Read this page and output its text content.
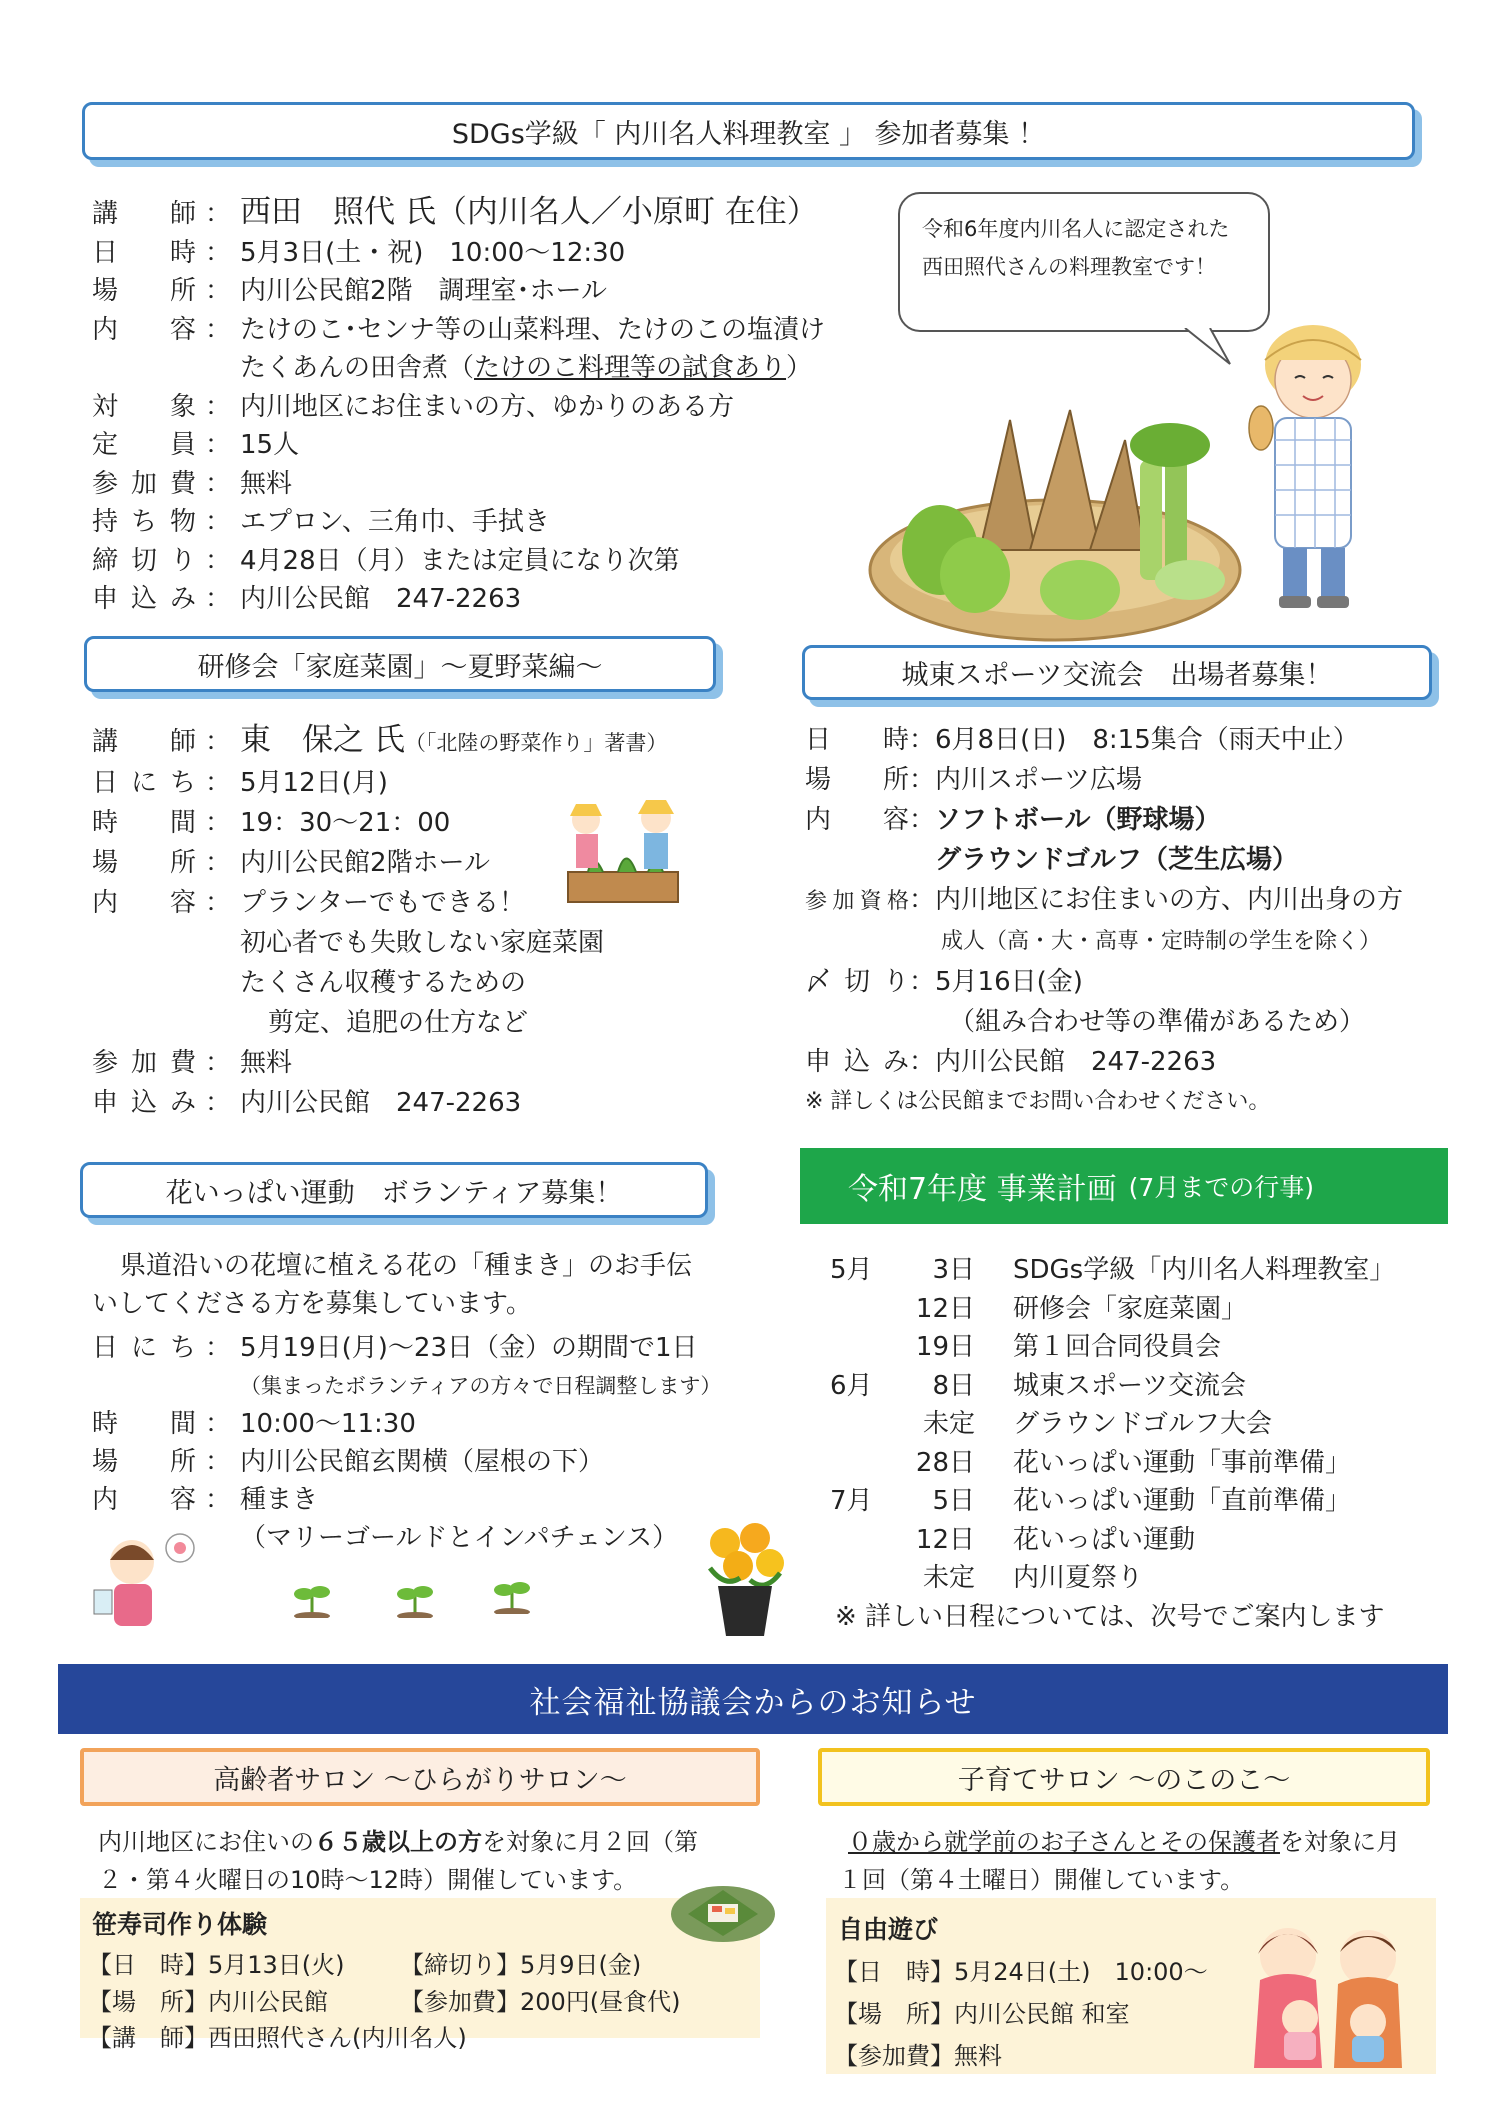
SDGs学級「 内川名人料理教室 」 参加者募集 ！
講　師 ： 西田　照代 氏（内川名人／小原町 在住）
日　時 ： 5月3日(土・祝)　10:00～12:30
場　所 ： 内川公民館2階　調理室･ホール
内　容 ： たけのこ･センナ等の山菜料理、たけのこの塩漬け
たくあんの田舎煮（ たけのこ料理等の試食あり ）
対　象 ： 内川地区にお住まいの方、ゆかりのある方
定　員 ： 15人
参加費 ： 無料
持ち物 ： エプロン、三角巾、手拭き
締切り ： 4月28日（月）または定員になり次第
申込み ： 内川公民館　247-2263
令和6年度内川名人に認定された西田照代さんの料理教室です！
研修会「家庭菜園」～夏野菜編～
講　師 ： 東　保之 氏 （「北陸の野菜作り」著書）
日にち ： 5月12日(月)
時　間 ： 19：30～21：00
場　所 ： 内川公民館2階ホール
内　容 ： プランターでもできる！
初心者でも失敗しない家庭菜園
たくさん収穫するための
剪定、追肥の仕方など
参加費 ： 無料
申込み ： 内川公民館　247-2263
城東スポーツ交流会　出場者募集！
日　時 ： 6月8日(日)　8:15集合（雨天中止）
場　所 ： 内川スポーツ広場
内　容 ： ソフトボール（野球場）
グラウンドゴルフ（芝生広場）
参加資格 ： 内川地区にお住まいの方、内川出身の方
成人（高・大・高専・定時制の学生を除く）
〆切り ： 5月16日(金)
（組み合わせ等の準備があるため）
申込み ： 内川公民館　247-2263
※ 詳しくは公民館までお問い合わせください。
花いっぱい運動　ボランティア募集！
県道沿いの花壇に植える花の「種まき」のお手伝
いしてくださる方を募集しています。
日にち ： 5月19日(月)～23日（金）の期間で1日
（集まったボランティアの方々で日程調整します）
時　間 ： 10:00～11:30
場　所 ： 内川公民館玄関横（屋根の下）
内　容 ： 種まき
（マリーゴールドとインパチェンス）
令和7年度 事業計画 (7月までの行事)
5月	3日 SDGs学級「内川名人料理教室」
12日 研修会「家庭菜園」
19日 第１回合同役員会
6月	8日 城東スポーツ交流会
未定 グラウンドゴルフ大会
28日 花いっぱい運動「事前準備」
7月	5日 花いっぱい運動「直前準備」
12日 花いっぱい運動
未定 内川夏祭り
※ 詳しい日程については、次号でご案内します
社会福祉協議会からのお知らせ
高齢者サロン ～ひらがりサロン～
内川地区にお住いの６５歳以上の方を対象に月２回（第
２・第４火曜日の10時～12時）開催しています。
笹寿司作り体験
【日　時】5月13日(火) 【締切り】5月9日(金)
【場　所】内川公民館	【参加費】200円(昼食代)
【講　師】西田照代さん(内川名人)
子育てサロン ～のこのこ～
０歳から就学前のお子さんとその保護者を対象に月
１回（第４土曜日）開催しています。
自由遊び
【日　時】5月24日(土)　10:00～
【場　所】内川公民館 和室
【参加費】無料
